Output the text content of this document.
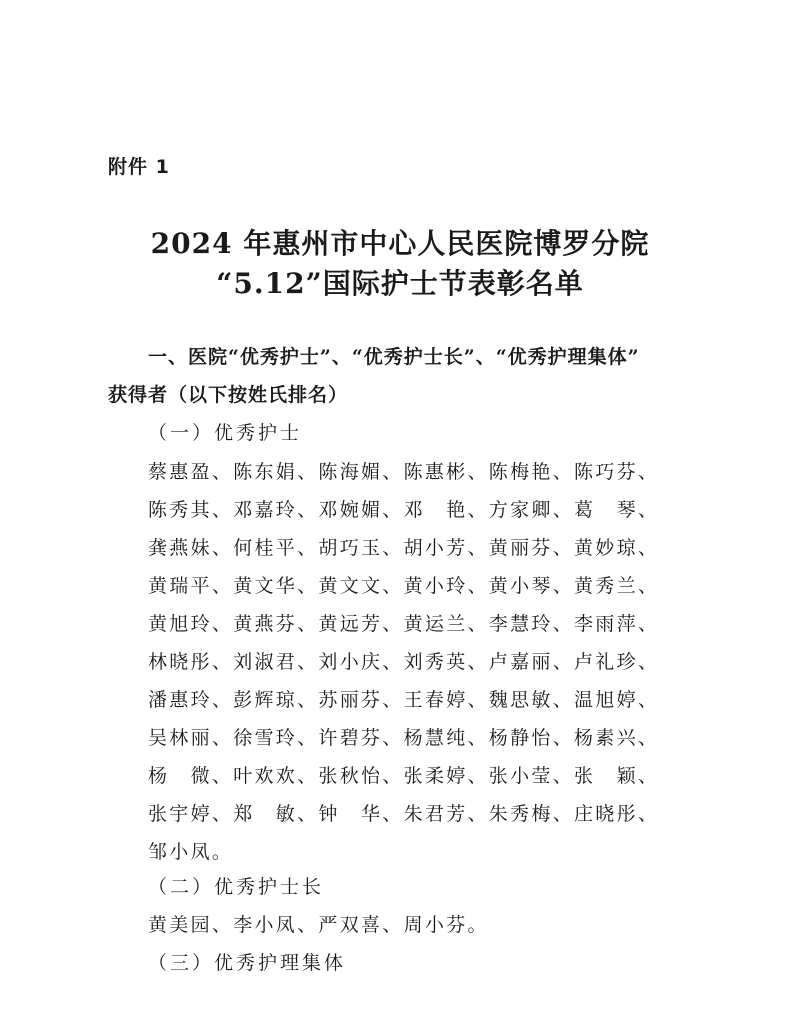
附件 1
2024 年惠州市中心人民医院博罗分院
“5.12”国际护士节表彰名单
一、医院“优秀护士”、“优秀护士长”、“优秀护理集体”
获得者（以下按姓氏排名）
（一）优秀护士
蔡惠盈、陈东娟、陈海媚、陈惠彬、陈梅艳、陈巧芬、
陈秀其、邓嘉玲、邓婉媚、邓　艳、方家卿、葛　琴、
龚燕妹、何桂平、胡巧玉、胡小芳、黄丽芬、黄妙琼、
黄瑞平、黄文华、黄文文、黄小玲、黄小琴、黄秀兰、
黄旭玲、黄燕芬、黄远芳、黄运兰、李慧玲、李雨萍、
林晓彤、刘淑君、刘小庆、刘秀英、卢嘉丽、卢礼珍、
潘惠玲、彭辉琼、苏丽芬、王春婷、魏思敏、温旭婷、
吴林丽、徐雪玲、许碧芬、杨慧纯、杨静怡、杨素兴、
杨　微、叶欢欢、张秋怡、张柔婷、张小莹、张　颖、
张宇婷、郑　敏、钟　华、朱君芳、朱秀梅、庄晓彤、
邹小凤。
（二）优秀护士长
黄美园、李小凤、严双喜、周小芬。
（三）优秀护理集体
